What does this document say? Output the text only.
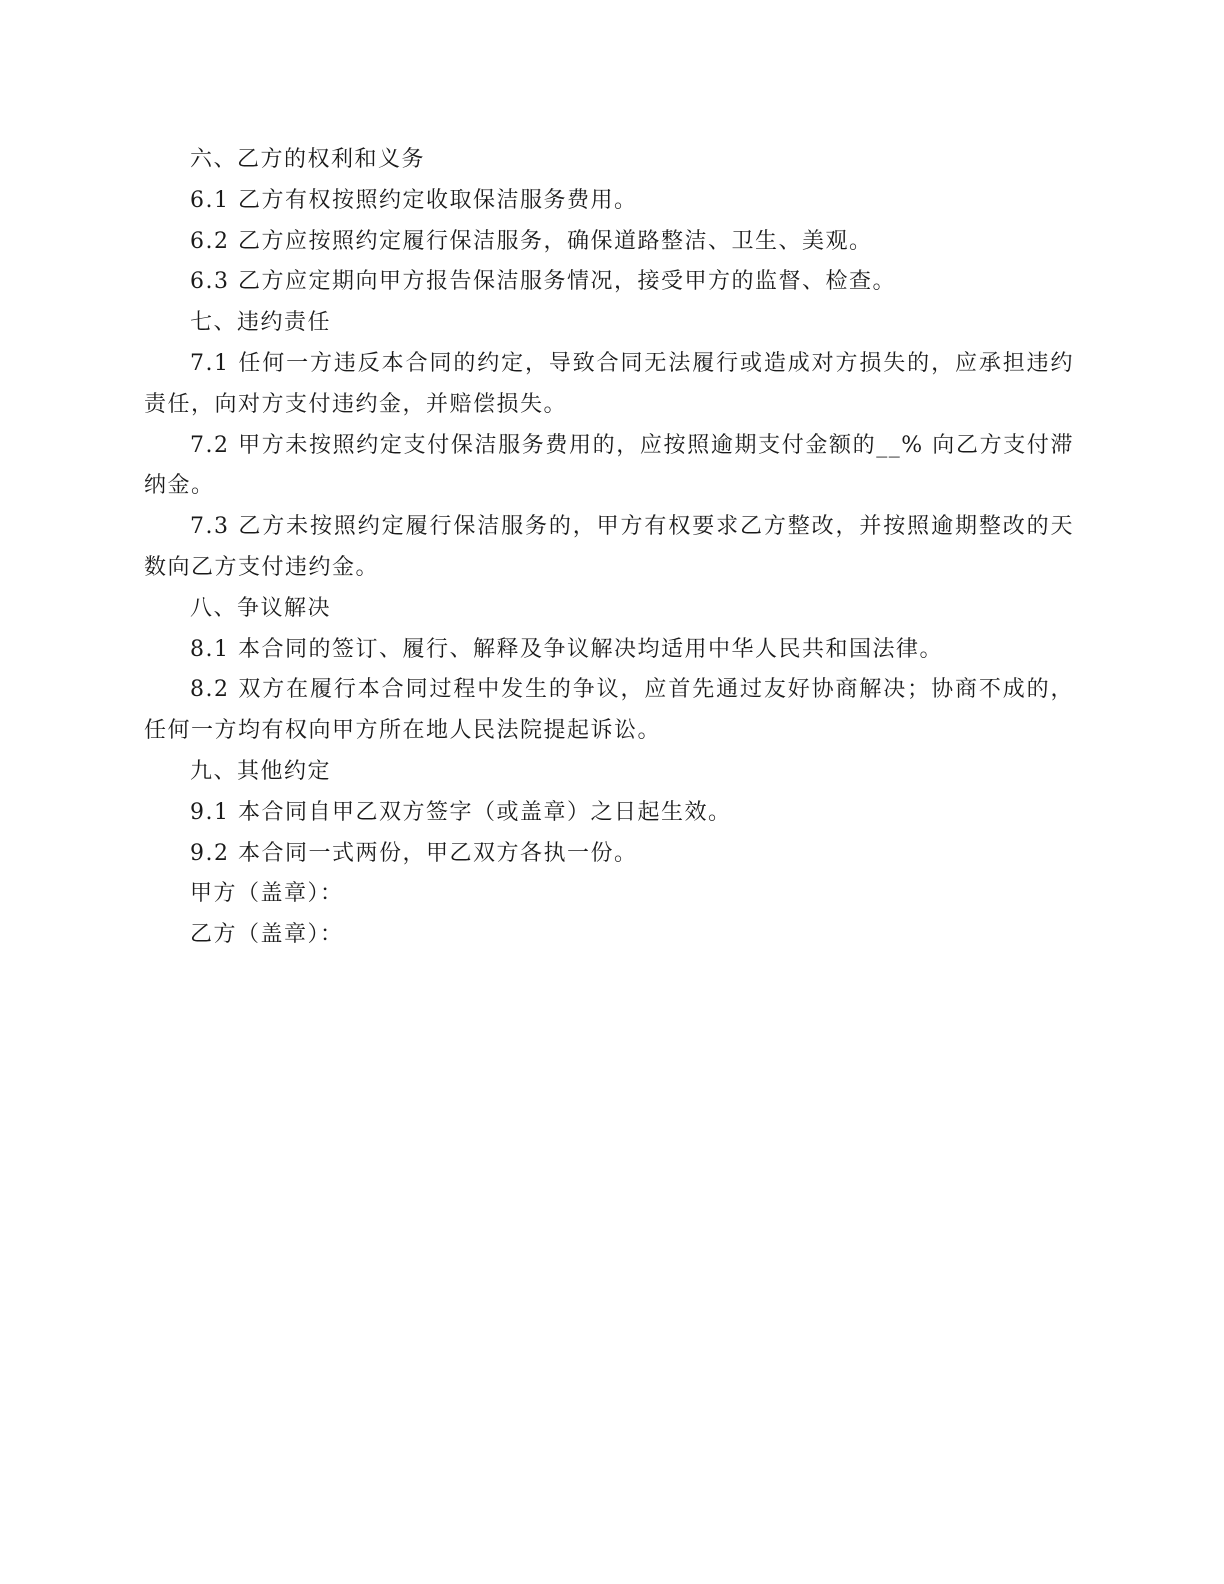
六、乙方的权利和义务

6.1 乙方有权按照约定收取保洁服务费用。

6.2 乙方应按照约定履行保洁服务，确保道路整洁、卫生、美观。

6.3 乙方应定期向甲方报告保洁服务情况，接受甲方的监督、检查。

七、违约责任

7.1 任何一方违反本合同的约定，导致合同无法履行或造成对方损失的，应承担违约责任，向对方支付违约金，并赔偿损失。

7.2 甲方未按照约定支付保洁服务费用的，应按照逾期支付金额的__% 向乙方支付滞纳金。

7.3 乙方未按照约定履行保洁服务的，甲方有权要求乙方整改，并按照逾期整改的天数向乙方支付违约金。

八、争议解决

8.1 本合同的签订、履行、解释及争议解决均适用中华人民共和国法律。

8.2 双方在履行本合同过程中发生的争议，应首先通过友好协商解决；协商不成的，任何一方均有权向甲方所在地人民法院提起诉讼。

九、其他约定

9.1 本合同自甲乙双方签字（或盖章）之日起生效。

9.2 本合同一式两份，甲乙双方各执一份。

甲方（盖章）：

乙方（盖章）：
